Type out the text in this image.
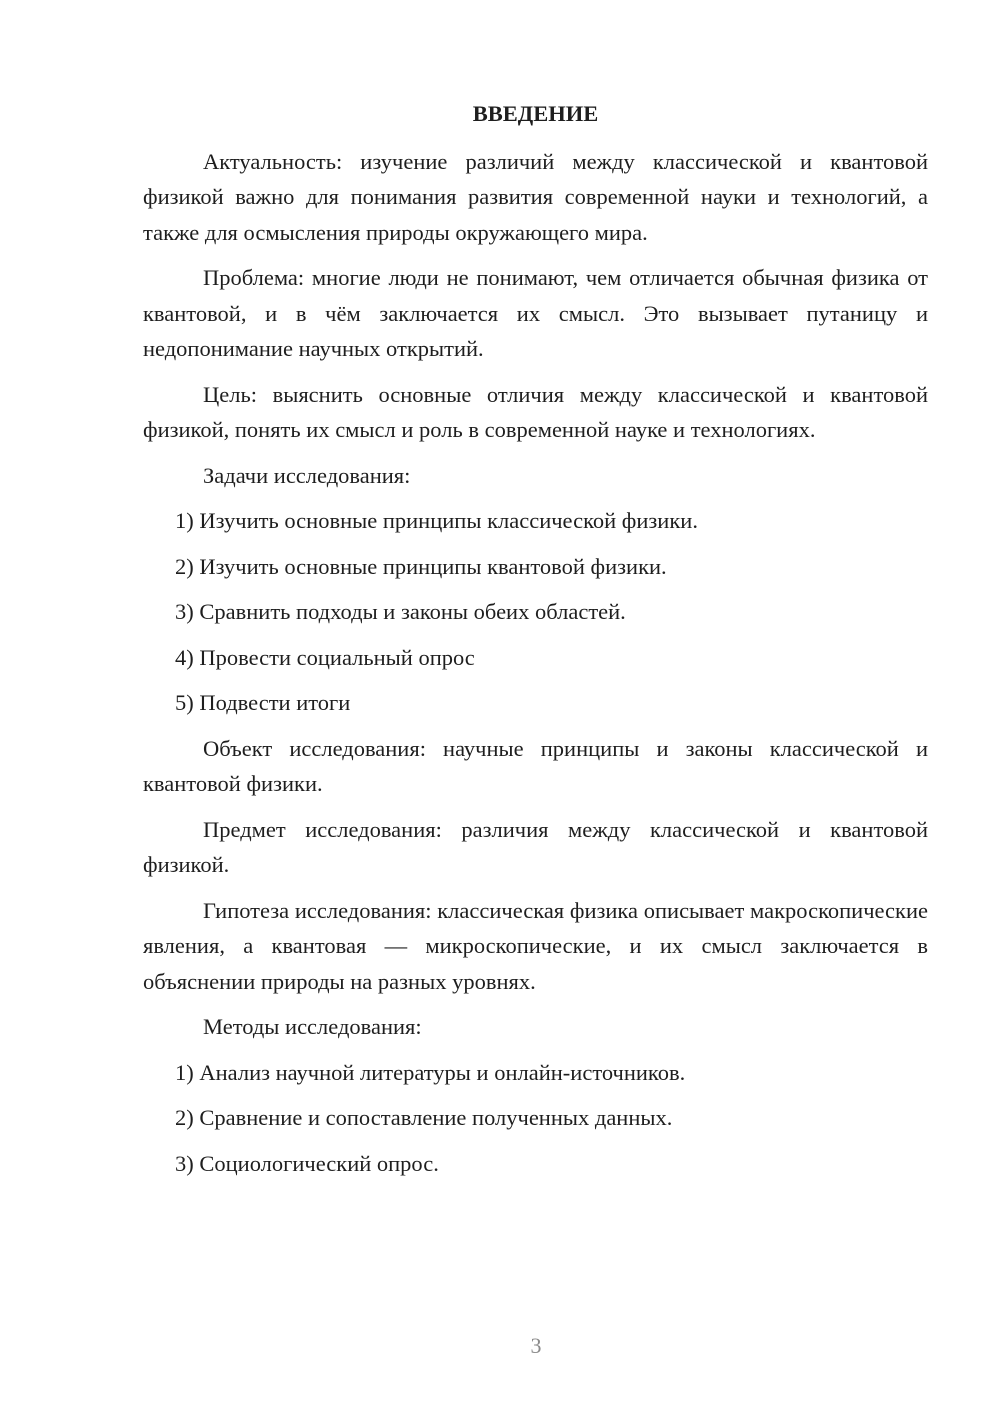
ВВЕДЕНИЕ

Актуальность: изучение различий между классической и квантовой физикой важно для понимания развития современной науки и технологий, а также для осмысления природы окружающего мира.

Проблема: многие люди не понимают, чем отличается обычная физика от квантовой, и в чём заключается их смысл. Это вызывает путаницу и недопонимание научных открытий.

Цель: выяснить основные отличия между классической и квантовой физикой, понять их смысл и роль в современной науке и технологиях.

Задачи исследования:

1) Изучить основные принципы классической физики.
2) Изучить основные принципы квантовой физики.
3) Сравнить подходы и законы обеих областей.
4) Провести социальный опрос
5) Подвести итоги

Объект исследования: научные принципы и законы классической и квантовой физики.

Предмет исследования: различия между классической и квантовой физикой.

Гипотеза исследования: классическая физика описывает макроскопические явления, а квантовая — микроскопические, и их смысл заключается в объяснении природы на разных уровнях.

Методы исследования:

1) Анализ научной литературы и онлайн-источников.
2) Сравнение и сопоставление полученных данных.
3) Социологический опрос.
3
